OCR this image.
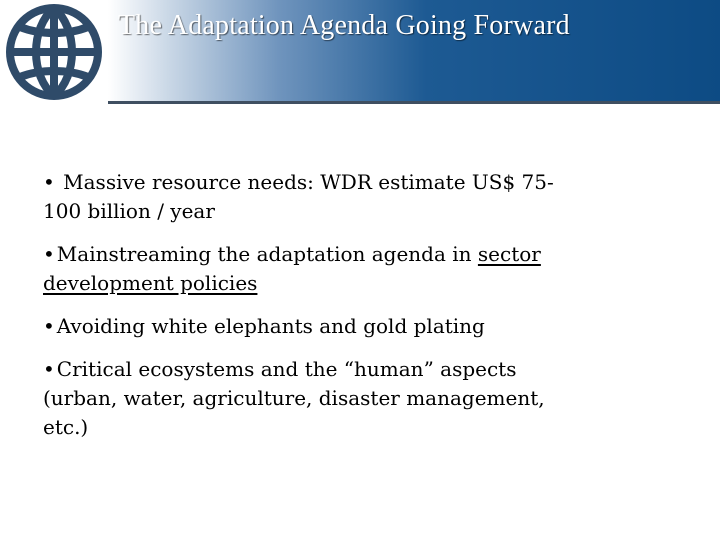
The Adaptation Agenda Going Forward
• Massive resource needs: WDR estimate US$ 75-100 billion / year
• Mainstreaming the adaptation agenda in sector development policies
• Avoiding white elephants and gold plating
• Critical ecosystems and the “human” aspects (urban, water, agriculture, disaster management, etc.)
